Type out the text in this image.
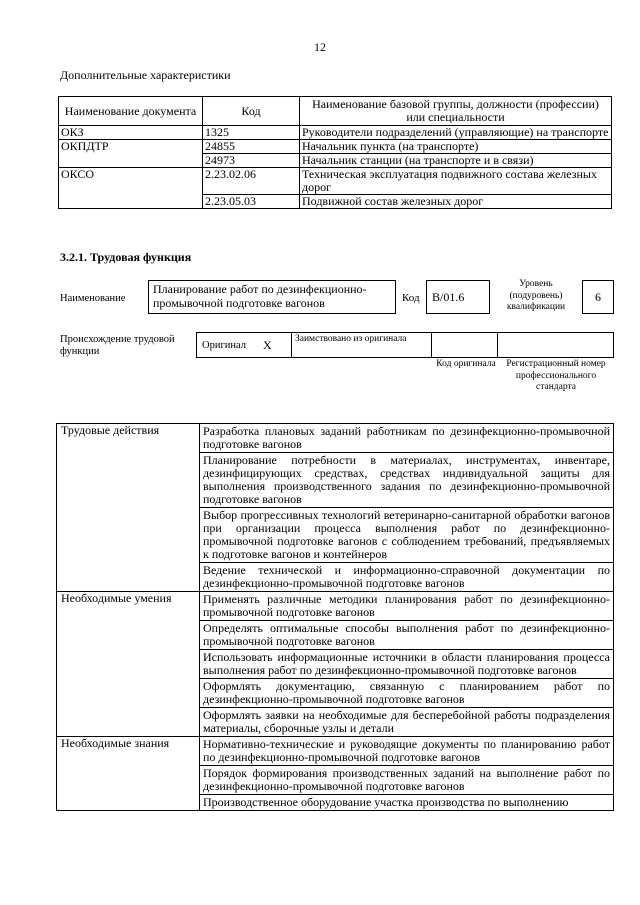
12
Дополнительные характеристики
Наименование документа	Код	Наименование базовой группы, должности (профессии) или специальности
ОКЗ	1325	Руководители подразделений (управляющие) на транспорте
ОКПДТР	24855	Начальник пункта (на транспорте)
	24973	Начальник станции (на транспорте и в связи)
ОКСО	2.23.02.06	Техническая эксплуатация подвижного состава железных дорог
	2.23.05.03	Подвижной состав железных дорог
3.2.1. Трудовая функция
Наименование
Планирование работ по дезинфекционно-промывочной подготовке вагонов	Код	B/01.6
Уровень (подуровень) квалификации
6
Происхождение трудовой функции
Оригинал X Заимствовано из оригинала
Код оригинала Регистрационный номер профессионального стандарта
Трудовые действия	Разработка плановых заданий работникам по дезинфекционно-промывочной подготовке вагонов
	Планирование потребности в материалах, инструментах, инвентаре, дезинфицирующих средствах, средствах индивидуальной защиты для выполнения производственного задания по дезинфекционно-промывочной подготовке вагонов
	Выбор прогрессивных технологий ветеринарно-санитарной обработки вагонов при организации процесса выполнения работ по дезинфекционно-промывочной подготовке вагонов с соблюдением требований, предъявляемых к подготовке вагонов и контейнеров
	Ведение технической и информационно-справочной документации по дезинфекционно-промывочной подготовке вагонов
Необходимые умения	Применять различные методики планирования работ по дезинфекционно-промывочной подготовке вагонов
	Определять оптимальные способы выполнения работ по дезинфекционно-промывочной подготовке вагонов
	Использовать информационные источники в области планирования процесса выполнения работ по дезинфекционно-промывочной подготовке вагонов
	Оформлять документацию, связанную с планированием работ по дезинфекционно-промывочной подготовке вагонов
	Оформлять заявки на необходимые для бесперебойной работы подразделения материалы, сборочные узлы и детали
Необходимые знания	Нормативно-технические и руководящие документы по планированию работ по дезинфекционно-промывочной подготовке вагонов
	Порядок формирования производственных заданий на выполнение работ по дезинфекционно-промывочной подготовке вагонов
	Производственное оборудование участка производства по выполнению
